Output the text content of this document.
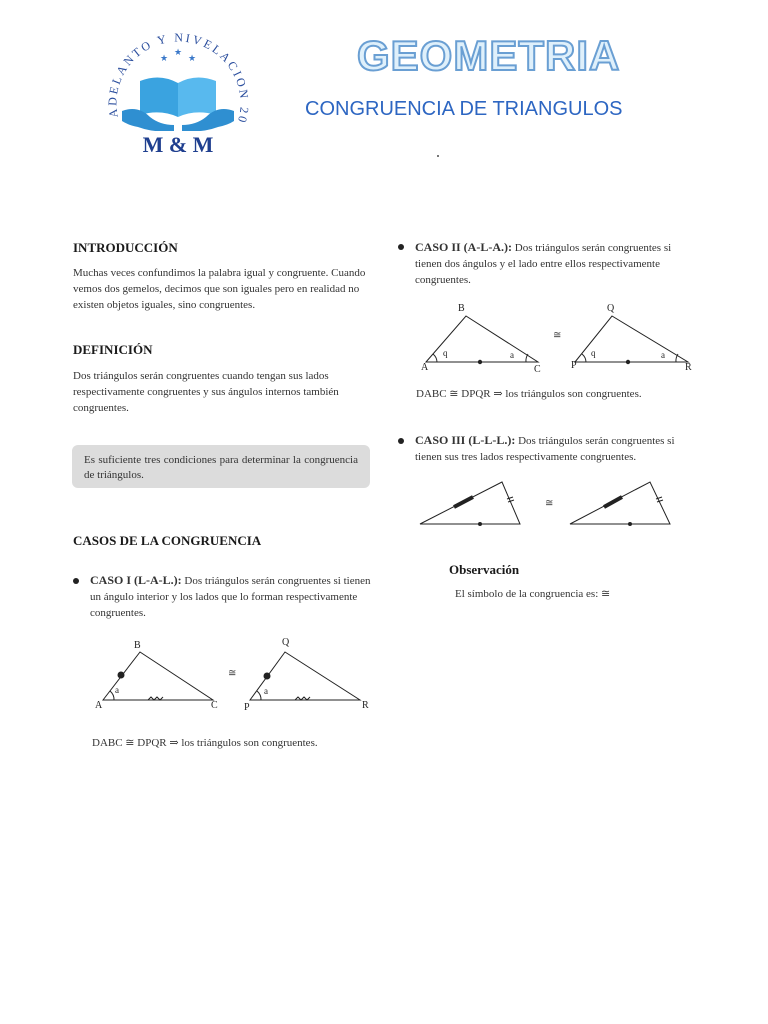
ADELANTO Y NIVELACION 2023 · PILCOMAYO ·
★
★
★
M & M
GEOMETRIA
CONGRUENCIA DE TRIANGULOS
INTRODUCCIÓN
Muchas veces confundimos la palabra igual y congruente. Cuando vemos dos gemelos, decimos que son iguales pero en realidad no existen objetos iguales, sino congruentes.
DEFINICIÓN
Dos triángulos serán congruentes cuando tengan sus lados respectivamente congruentes y sus ángulos internos también congruentes.
Es suficiente tres condiciones para determinar la congruencia de triángulos.
CASOS DE LA CONGRUENCIA
CASO I (L-A-L.): Dos triángulos serán congruentes si tienen un ángulo interior y los lados que lo forman respectivamente congruentes.
A
B
C
a
≅
P
Q
R
a
DABC ≅ DPQR ⇒ los triángulos son congruentes.
CASO II (A-L-A.): Dos triángulos serán congruentes si tienen dos ángulos y el lado entre ellos respectivamente congruentes.
A
B
C
q	a
≅
P
Q
R
q	a
DABC ≅ DPQR ⇒ los triángulos son congruentes.
CASO III (L-L-L.): Dos triángulos serán congruentes si tienen sus tres lados respectivamente congruentes.
≅
Observación
El símbolo de la congruencia es: ≅
